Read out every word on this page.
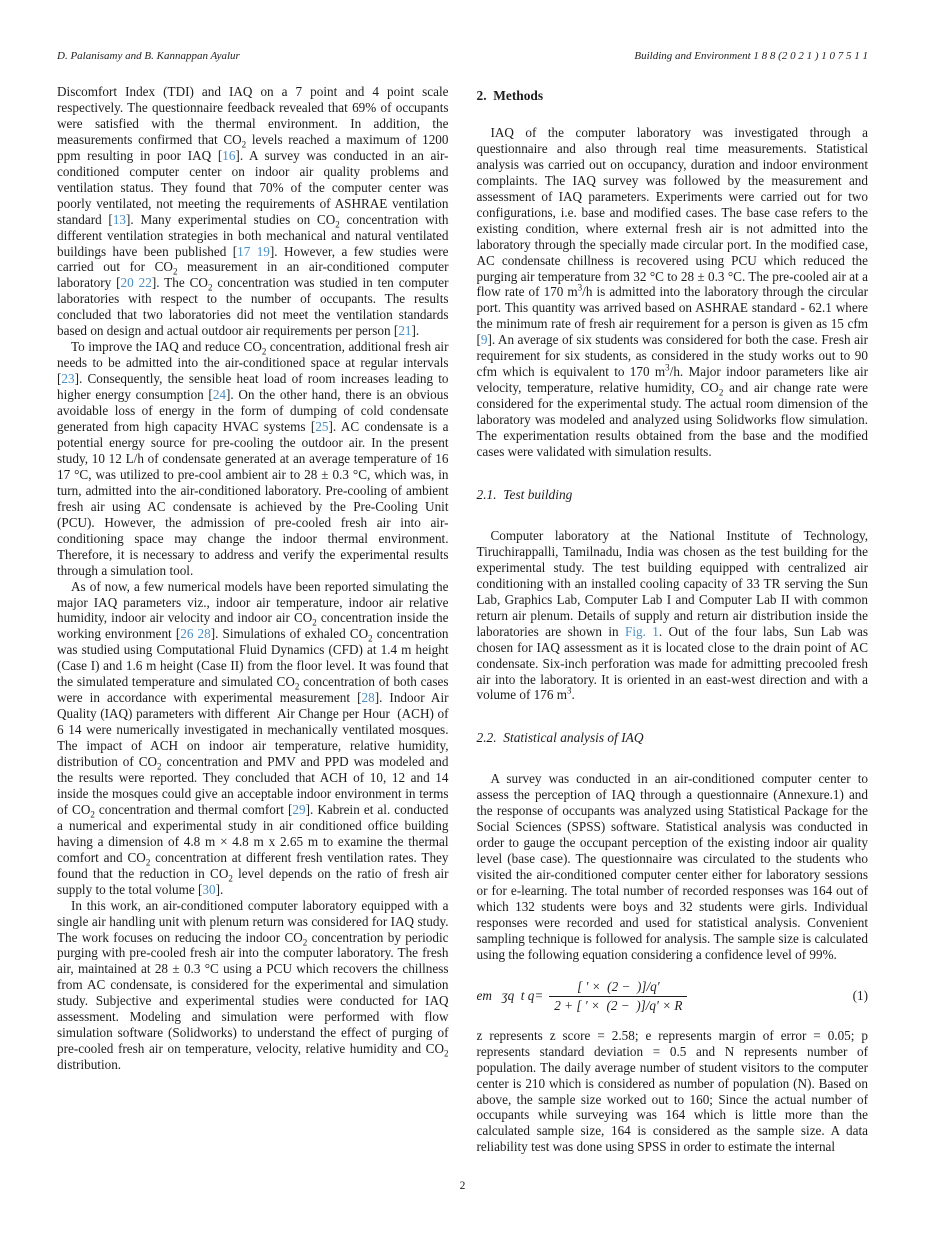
D. Palanisamy and B. Kannappan Ayalur	Building and Environment 1 8 8 (2 0 2 1 ) 1 0 7 5 1 1

Discomfort Index (TDI) and IAQ on a 7 point and 4 point scale respectively. The questionnaire feedback revealed that 69% of occupants were satisfied with the thermal environment. In addition, the measurements confirmed that $CO_2$ levels reached a maximum of 1200 ppm resulting in poor IAQ [16]. A survey was conducted in an air-conditioned computer center on indoor air quality problems and ventilation status. They found that 70% of the computer center was poorly ventilated, not meeting the requirements of ASHRAE ventilation standard [13]. Many experimental studies on $CO_2$ concentration with different ventilation strategies in both mechanical and natural ventilated buildings have been published [17 19]. However, a few studies were carried out for $CO_2$ measurement in an air-conditioned computer laboratory [20 22]. The $CO_2$ concentration was studied in ten computer laboratories with respect to the number of occupants. The results concluded that two laboratories did not meet the ventilation standards based on design and actual outdoor air requirements per person [21].

To improve the IAQ and reduce $CO_2$ concentration, additional fresh air needs to be admitted into the air-conditioned space at regular intervals [23]. Consequently, the sensible heat load of room increases leading to higher energy consumption [24]. On the other hand, there is an obvious avoidable loss of energy in the form of dumping of cold condensate generated from high capacity HVAC systems [25]. AC condensate is a potential energy source for pre-cooling the outdoor air. In the present study, 10 12 L/h of condensate generated at an average temperature of 16 17 °C, was utilized to pre-cool ambient air to 28 ± 0.3 °C, which was, in turn, admitted into the air-conditioned laboratory. Pre-cooling of ambient fresh air using AC condensate is achieved by the Pre-Cooling Unit (PCU). However, the admission of pre-cooled fresh air into air-conditioning space may change the indoor thermal environment. Therefore, it is necessary to address and verify the experimental results through a simulation tool.

As of now, a few numerical models have been reported simulating the major IAQ parameters viz., indoor air temperature, indoor air relative humidity, indoor air velocity and indoor air $CO_2$ concentration inside the working environment [26 28]. Simulations of exhaled $CO_2$ concentration was studied using Computational Fluid Dynamics (CFD) at 1.4 m height (Case I) and 1.6 m height (Case II) from the floor level. It was found that the simulated temperature and simulated $CO_2$ concentration of both cases were in accordance with experimental measurement [28]. Indoor Air Quality (IAQ) parameters with different  Air Change per Hour  (ACH) of 6 14 were numerically investigated in mechanically ventilated mosques. The impact of ACH on indoor air temperature, relative humidity, distribution of $CO_2$ concentration and PMV and PPD was modeled and the results were reported. They concluded that ACH of 10, 12 and 14 inside the mosques could give an acceptable indoor environment in terms of $CO_2$ concentration and thermal comfort [29]. Kabrein et al. conducted a numerical and experimental study in air conditioned office building having a dimension of 4.8 m × 4.8 m x 2.65 m to examine the thermal comfort and $CO_2$ concentration at different fresh ventilation rates. They found that the reduction in $CO_2$ level depends on the ratio of fresh air supply to the total volume [30].

In this work, an air-conditioned computer laboratory equipped with a single air handling unit with plenum return was considered for IAQ study. The work focuses on reducing the indoor $CO_2$ concentration by periodic purging with pre-cooled fresh air into the computer laboratory. The fresh air, maintained at 28 ± 0.3 °C using a PCU which recovers the chillness from AC condensate, is considered for the experimental and simulation study. Subjective and experimental studies were conducted for IAQ assessment. Modeling and simulation were performed with flow simulation software (Solidworks) to understand the effect of purging of pre-cooled fresh air on temperature, velocity, relative humidity and $CO_2$ distribution.

2.  Methods

IAQ of the computer laboratory was investigated through a questionnaire and also through real time measurements. Statistical analysis was carried out on occupancy, duration and indoor environment complaints. The IAQ survey was followed by the measurement and assessment of IAQ parameters. Experiments were carried out for two configurations, i.e. base and modified cases. The base case refers to the existing condition, where external fresh air is not admitted into the laboratory through the specially made circular port. In the modified case, AC condensate chillness is recovered using PCU which reduced the purging air temperature from 32 °C to 28 ± 0.3 °C. The pre-cooled air at a flow rate of 170 $m^3/h$ is admitted into the laboratory through the circular port. This quantity was arrived based on ASHRAE standard - 62.1 where the minimum rate of fresh air requirement for a person is given as 15 cfm [9]. An average of six students was considered for both the case. Fresh air requirement for six students, as considered in the study works out to 90 cfm which is equivalent to 170 $m^3/h$. Major indoor parameters like air velocity, temperature, relative humidity, $CO_2$ and air change rate were considered for the experimental study. The actual room dimension of the laboratory was modeled and analyzed using Solidworks flow simulation. The experimentation results obtained from the base and the modified cases were validated with simulation results.

2.1.  Test building

Computer laboratory at the National Institute of Technology, Tiruchirappalli, Tamilnadu, India was chosen as the test building for the experimental study. The test building equipped with centralized air conditioning with an installed cooling capacity of 33 TR serving the Sun Lab, Graphics Lab, Computer Lab I and Computer Lab II with common return air plenum. Details of supply and return air distribution inside the laboratories are shown in Fig. 1. Out of the four labs, Sun Lab was chosen for IAQ assessment as it is located close to the drain point of AC condensate. Six-inch perforation was made for admitting precooled fresh air into the laboratory. It is oriented in an east-west direction and with a volume of 176 $m^3$.

2.2.  Statistical analysis of IAQ

A survey was conducted in an air-conditioned computer center to assess the perception of IAQ through a questionnaire (Annexure.1) and the response of occupants was analyzed using Statistical Package for the Social Sciences (SPSS) software. Statistical analysis was conducted in order to gauge the occupant perception of the existing indoor air quality level (base case). The questionnaire was circulated to the students who visited the air-conditioned computer center either for laboratory sessions or for e-learning. The total number of recorded responses was 164 out of which 132 students were boys and 32 students were girls. Individual responses were recorded and used for statistical analysis. Convenient sampling technique is followed for analysis. The sample size is calculated using the following equation considering a confidence level of 99%.

em   ʒq  t $q= \frac{[ ' \times (2 - )]/q'}{2 + [ ' \times (2 - )]/q' \times R}$	(1)

z represents z score = 2.58; e represents margin of error = 0.05; p represents standard deviation = 0.5 and N represents number of population. The daily average number of student visitors to the computer center is 210 which is considered as number of population (N). Based on above, the sample size worked out to 160; Since the actual number of occupants while surveying was 164 which is little more than the calculated sample size, 164 is considered as the sample size. A data reliability test was done using SPSS in order to estimate the internal

2
